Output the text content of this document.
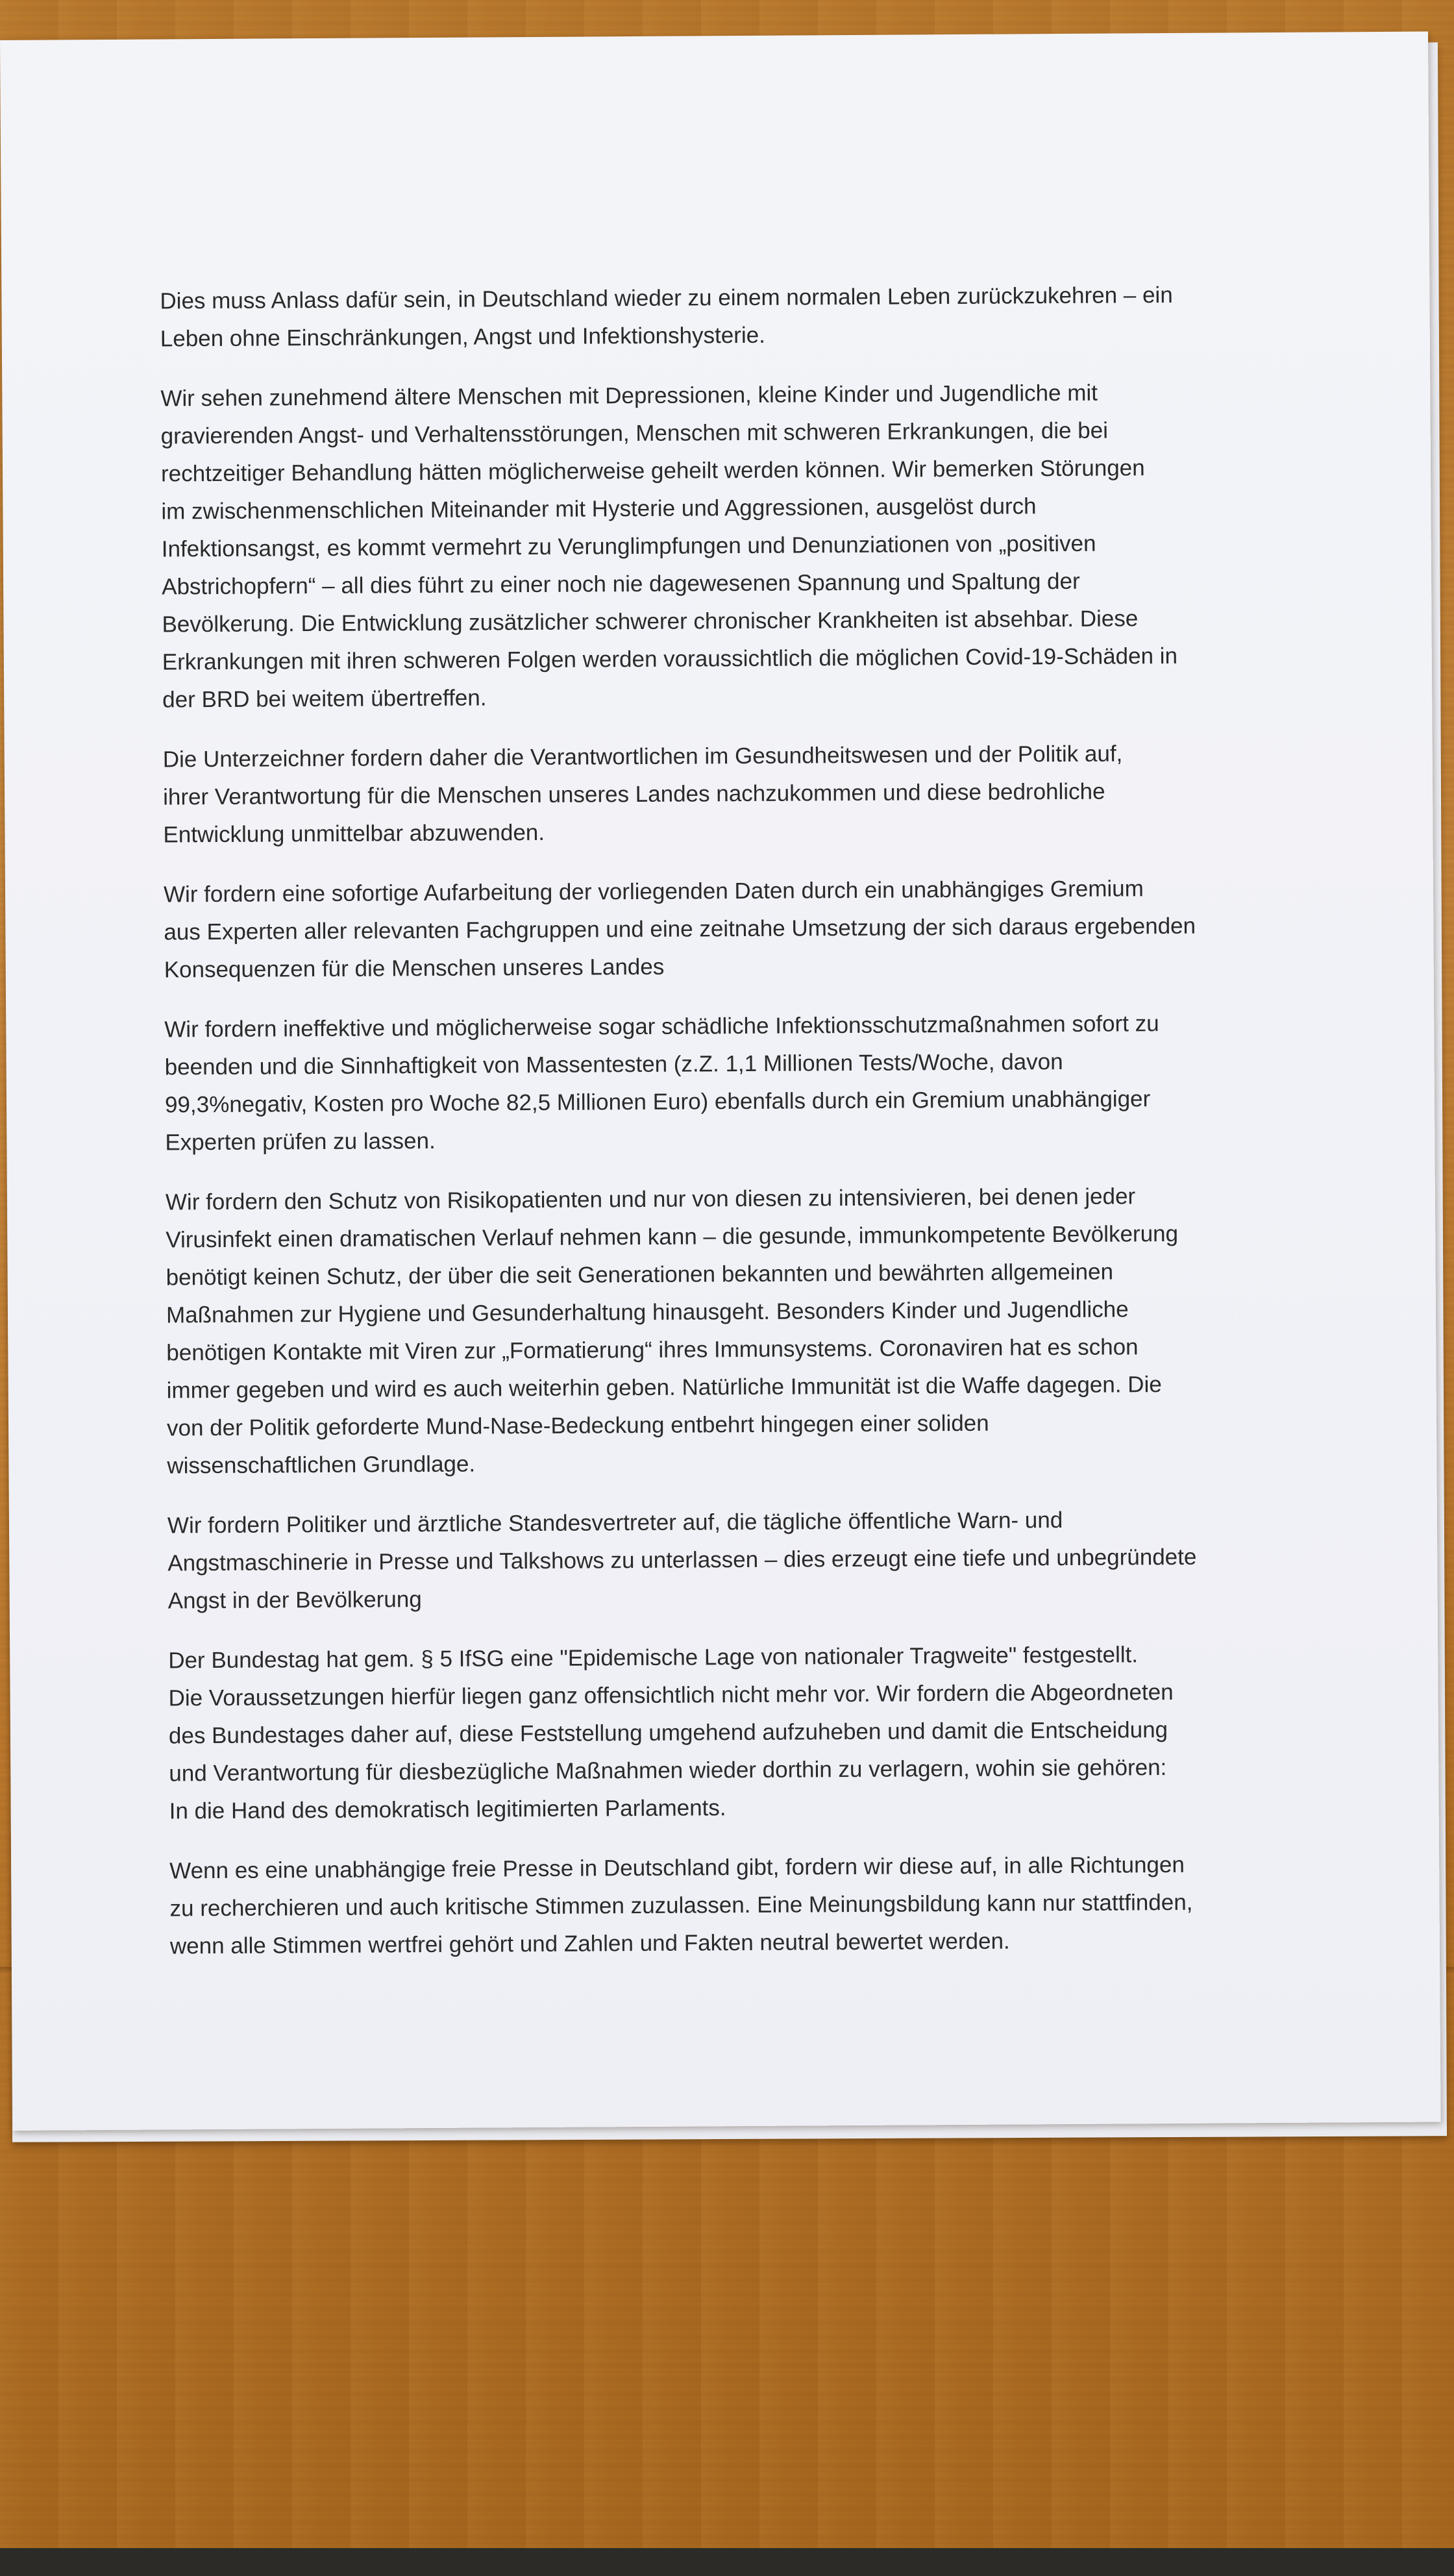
Dies muss Anlass dafür sein, in Deutschland wieder zu einem normalen Leben zurückzukehren – ein
Leben ohne Einschränkungen, Angst und Infektionshysterie.

Wir sehen zunehmend ältere Menschen mit Depressionen, kleine Kinder und Jugendliche mit
gravierenden Angst- und Verhaltensstörungen, Menschen mit schweren Erkrankungen, die bei
rechtzeitiger Behandlung hätten möglicherweise geheilt werden können. Wir bemerken Störungen
im zwischenmenschlichen Miteinander mit Hysterie und Aggressionen, ausgelöst durch
Infektionsangst, es kommt vermehrt zu Verunglimpfungen und Denunziationen von „positiven
Abstrichopfern“ – all dies führt zu einer noch nie dagewesenen Spannung und Spaltung der
Bevölkerung. Die Entwicklung zusätzlicher schwerer chronischer Krankheiten ist absehbar. Diese
Erkrankungen mit ihren schweren Folgen werden voraussichtlich die möglichen Covid-19-Schäden in
der BRD bei weitem übertreffen.

Die Unterzeichner fordern daher die Verantwortlichen im Gesundheitswesen und der Politik auf,
ihrer Verantwortung für die Menschen unseres Landes nachzukommen und diese bedrohliche
Entwicklung unmittelbar abzuwenden.

Wir fordern eine sofortige Aufarbeitung der vorliegenden Daten durch ein unabhängiges Gremium
aus Experten aller relevanten Fachgruppen und eine zeitnahe Umsetzung der sich daraus ergebenden
Konsequenzen für die Menschen unseres Landes

Wir fordern ineffektive und möglicherweise sogar schädliche Infektionsschutzmaßnahmen sofort zu
beenden und die Sinnhaftigkeit von Massentesten (z.Z. 1,1 Millionen Tests/Woche, davon
99,3%negativ, Kosten pro Woche 82,5 Millionen Euro) ebenfalls durch ein Gremium unabhängiger
Experten prüfen zu lassen.

Wir fordern den Schutz von Risikopatienten und nur von diesen zu intensivieren, bei denen jeder
Virusinfekt einen dramatischen Verlauf nehmen kann – die gesunde, immunkompetente Bevölkerung
benötigt keinen Schutz, der über die seit Generationen bekannten und bewährten allgemeinen
Maßnahmen zur Hygiene und Gesunderhaltung hinausgeht. Besonders Kinder und Jugendliche
benötigen Kontakte mit Viren zur „Formatierung“ ihres Immunsystems. Coronaviren hat es schon
immer gegeben und wird es auch weiterhin geben. Natürliche Immunität ist die Waffe dagegen. Die
von der Politik geforderte Mund-Nase-Bedeckung entbehrt hingegen einer soliden
wissenschaftlichen Grundlage.

Wir fordern Politiker und ärztliche Standesvertreter auf, die tägliche öffentliche Warn- und
Angstmaschinerie in Presse und Talkshows zu unterlassen – dies erzeugt eine tiefe und unbegründete
Angst in der Bevölkerung

Der Bundestag hat gem. § 5 IfSG eine "Epidemische Lage von nationaler Tragweite" festgestellt.
Die Voraussetzungen hierfür liegen ganz offensichtlich nicht mehr vor. Wir fordern die Abgeordneten
des Bundestages daher auf, diese Feststellung umgehend aufzuheben und damit die Entscheidung
und Verantwortung für diesbezügliche Maßnahmen wieder dorthin zu verlagern, wohin sie gehören:
In die Hand des demokratisch legitimierten Parlaments.

Wenn es eine unabhängige freie Presse in Deutschland gibt, fordern wir diese auf, in alle Richtungen
zu recherchieren und auch kritische Stimmen zuzulassen. Eine Meinungsbildung kann nur stattfinden,
wenn alle Stimmen wertfrei gehört und Zahlen und Fakten neutral bewertet werden.
